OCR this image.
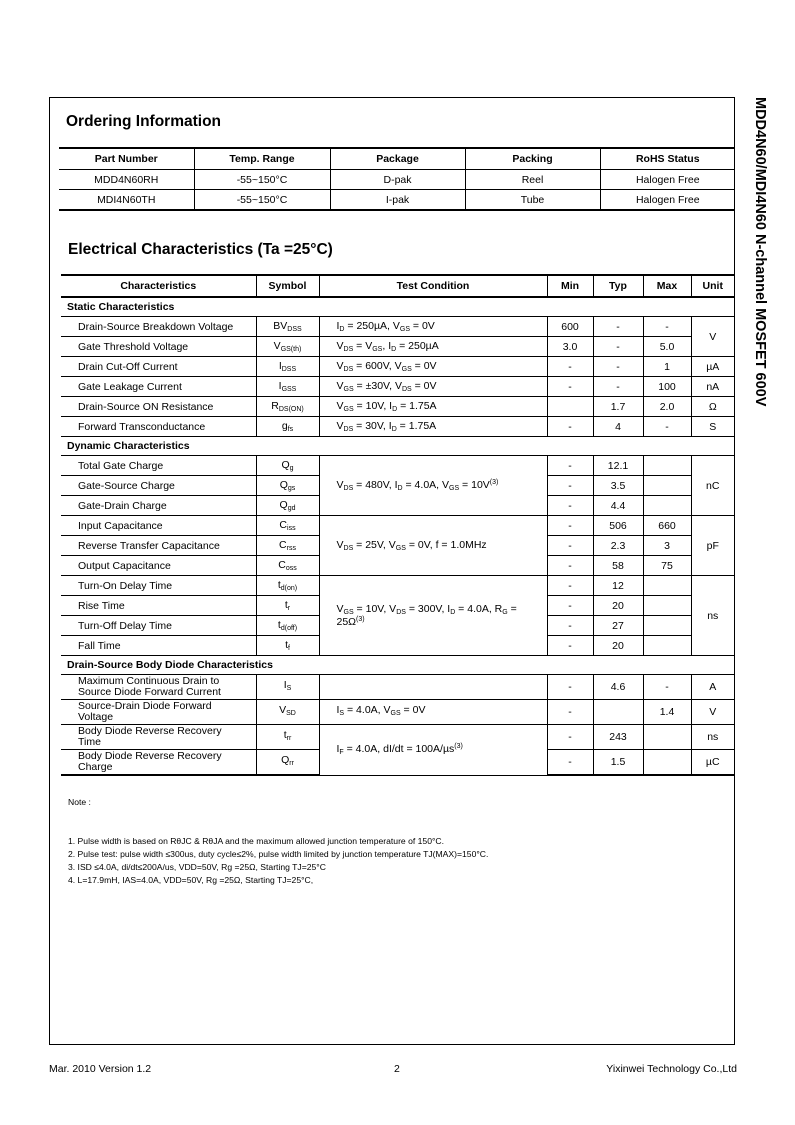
MDD4N60/MDI4N60 N-channel MOSFET 600V
Ordering Information
Part Number	Temp. Range	Package	Packing	RoHS Status
MDD4N60RH	-55~150°C	D-pak	Reel	Halogen Free
MDI4N60TH	-55~150°C	I-pak	Tube	Halogen Free
Electrical Characteristics (Ta =25°C)
Characteristics	Symbol	Test Condition	Min	Typ	Max	Unit
Static Characteristics						
Drain-Source Breakdown Voltage	$BV_{DSS}$	$I_D = 250\mu A$, $V_{GS} = 0V$	600	-	-	V
Gate Threshold Voltage	$V_{GS(th)}$	$V_{DS} = V_{GS}$, $I_D = 250\mu A$	3.0	-	5.0	
Drain Cut-Off Current	$I_{DSS}$	$V_{DS} = 600V$, $V_{GS} = 0V$	-	-	1	µA
Gate Leakage Current	$I_{GSS}$	$V_{GS} = \pm 30V$, $V_{DS} = 0V$	-	-	100	nA
Drain-Source ON Resistance	$R_{DS(ON)}$	$V_{GS} = 10V$, $I_D = 1.75A$		1.7	2.0	Ω
Forward Transconductance	$g_{fs}$	$V_{DS} = 30V$, $I_D = 1.75A$	-	4	-	S
Dynamic Characteristics						
Total Gate Charge	$Q_g$	$V_{DS} = 480V$, $I_D = 4.0A$, $V_{GS} = 10V^{(3)}$	-	12.1		nC
Gate-Source Charge	$Q_{gs}$		-	3.5		
Gate-Drain Charge	$Q_{gd}$		-	4.4		
Input Capacitance	$C_{iss}$	$V_{DS} = 25V$, $V_{GS} = 0V$, f = 1.0MHz	-	506	660	pF
Reverse Transfer Capacitance	$C_{rss}$		-	2.3	3	
Output Capacitance	$C_{oss}$		-	58	75	
Turn-On Delay Time	$t_{d(on)}$	$V_{GS} = 10V$, $V_{DS} = 300V$, $I_D = 4.0A$, $R_G = 25\Omega^{(3)}$	-	12		ns
Rise Time	$t_r$		-	20		
Turn-Off Delay Time	$t_{d(off)}$		-	27		
Fall Time	$t_f$		-	20		
Drain-Source Body Diode Characteristics						
Maximum Continuous Drain to
Source Diode Forward Current	$I_S$		-	4.6	-	A
Source-Drain Diode Forward
Voltage	$V_{SD}$	$I_S = 4.0A$, $V_{GS} = 0V$	-		1.4	V
Body Diode Reverse Recovery
Time	$t_{rr}$	$I_F = 4.0A$, dI/dt = 100A/µs$^{(3)}$	-	243		ns
Body Diode Reverse Recovery
Charge	$Q_{rr}$		-	1.5		µC
Note :
1. Pulse width is based on RθJC & RθJA and the maximum allowed junction temperature of 150°C.
2. Pulse test: pulse width ≤300us, duty cycle≤2%, pulse width limited by junction temperature TJ(MAX)=150°C.
3. ISD ≤4.0A, di/dt≤200A/us, VDD=50V, Rg =25Ω, Starting TJ=25°C
4. L=17.9mH, IAS=4.0A, VDD=50V, Rg =25Ω, Starting TJ=25°C,
Mar. 2010 Version 1.2	2	Yixinwei Technology Co.,Ltd
